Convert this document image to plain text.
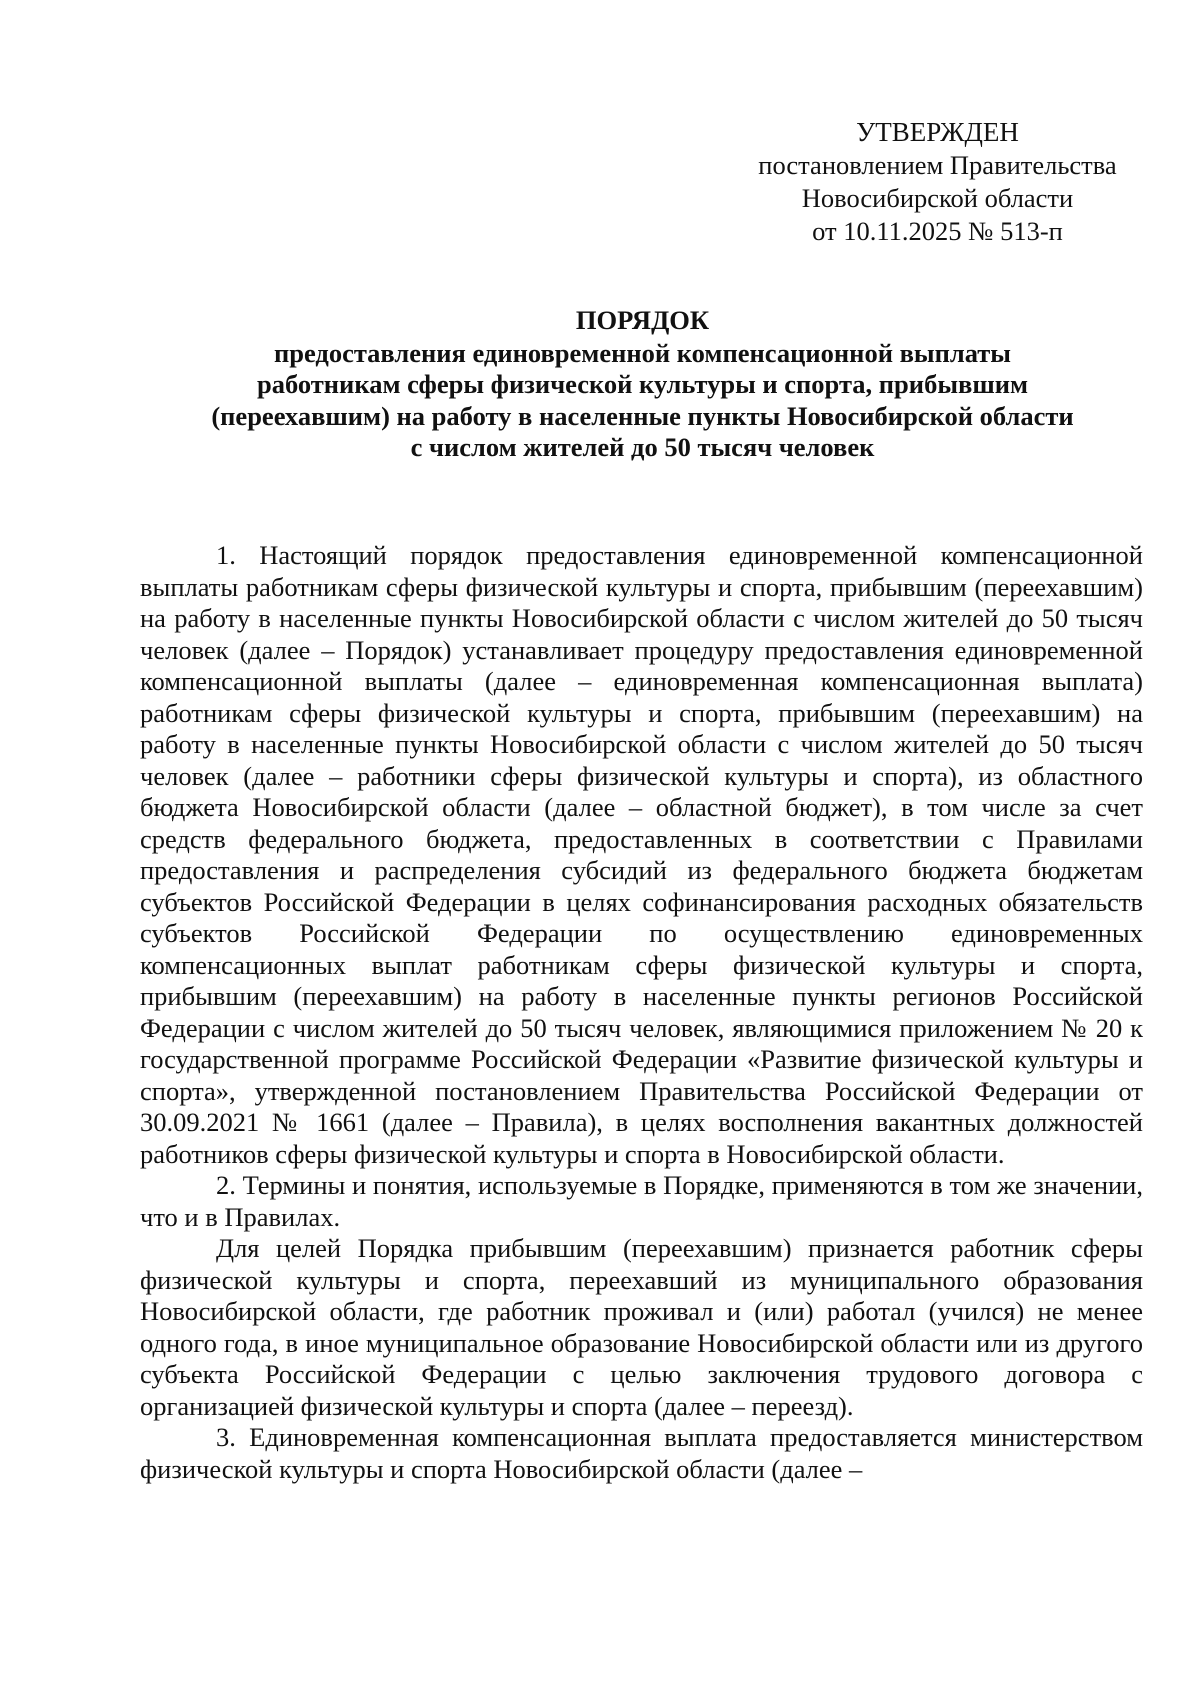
УТВЕРЖДЕН
постановлением Правительства
Новосибирской области
от 10.11.2025 № 513-п
ПОРЯДОК
предоставления единовременной компенсационной выплаты
работникам сферы физической культуры и спорта, прибывшим
(переехавшим) на работу в населенные пункты Новосибирской области
с числом жителей до 50 тысяч человек

1. Настоящий порядок предоставления единовременной компенсационной выплаты работникам сферы физической культуры и спорта, прибывшим (переехавшим) на работу в населенные пункты Новосибирской области с числом жителей до 50 тысяч человек (далее – Порядок) устанавливает процедуру предоставления единовременной компенсационной выплаты (далее – единовременная компенсационная выплата) работникам сферы физической культуры и спорта, прибывшим (переехавшим) на работу в населенные пункты Новосибирской области с числом жителей до 50 тысяч человек (далее – работники сферы физической культуры и спорта), из областного бюджета Новосибирской области (далее – областной бюджет), в том числе за счет средств федерального бюджета, предоставленных в соответствии с Правилами предоставления и распределения субсидий из федерального бюджета бюджетам субъектов Российской Федерации в целях софинансирования расходных обязательств субъектов Российской Федерации по осуществлению единовременных компенсационных выплат работникам сферы физической культуры и спорта, прибывшим (переехавшим) на работу в населенные пункты регионов Российской Федерации с числом жителей до 50 тысяч человек, являющимися приложением № 20 к государственной программе Российской Федерации «Развитие физической культуры и спорта», утвержденной постановлением Правительства Российской Федерации от 30.09.2021 № 1661 (далее – Правила), в целях восполнения вакантных должностей работников сферы физической культуры и спорта в Новосибирской области.

2. Термины и понятия, используемые в Порядке, применяются в том же значении, что и в Правилах.

Для целей Порядка прибывшим (переехавшим) признается работник сферы физической культуры и спорта, переехавший из муниципального образования Новосибирской области, где работник проживал и (или) работал (учился) не менее одного года, в иное муниципальное образование Новосибирской области или из другого субъекта Российской Федерации с целью заключения трудового договора с организацией физической культуры и спорта (далее – переезд).

3. Единовременная компенсационная выплата предоставляется министерством физической культуры и спорта Новосибирской области (далее –
